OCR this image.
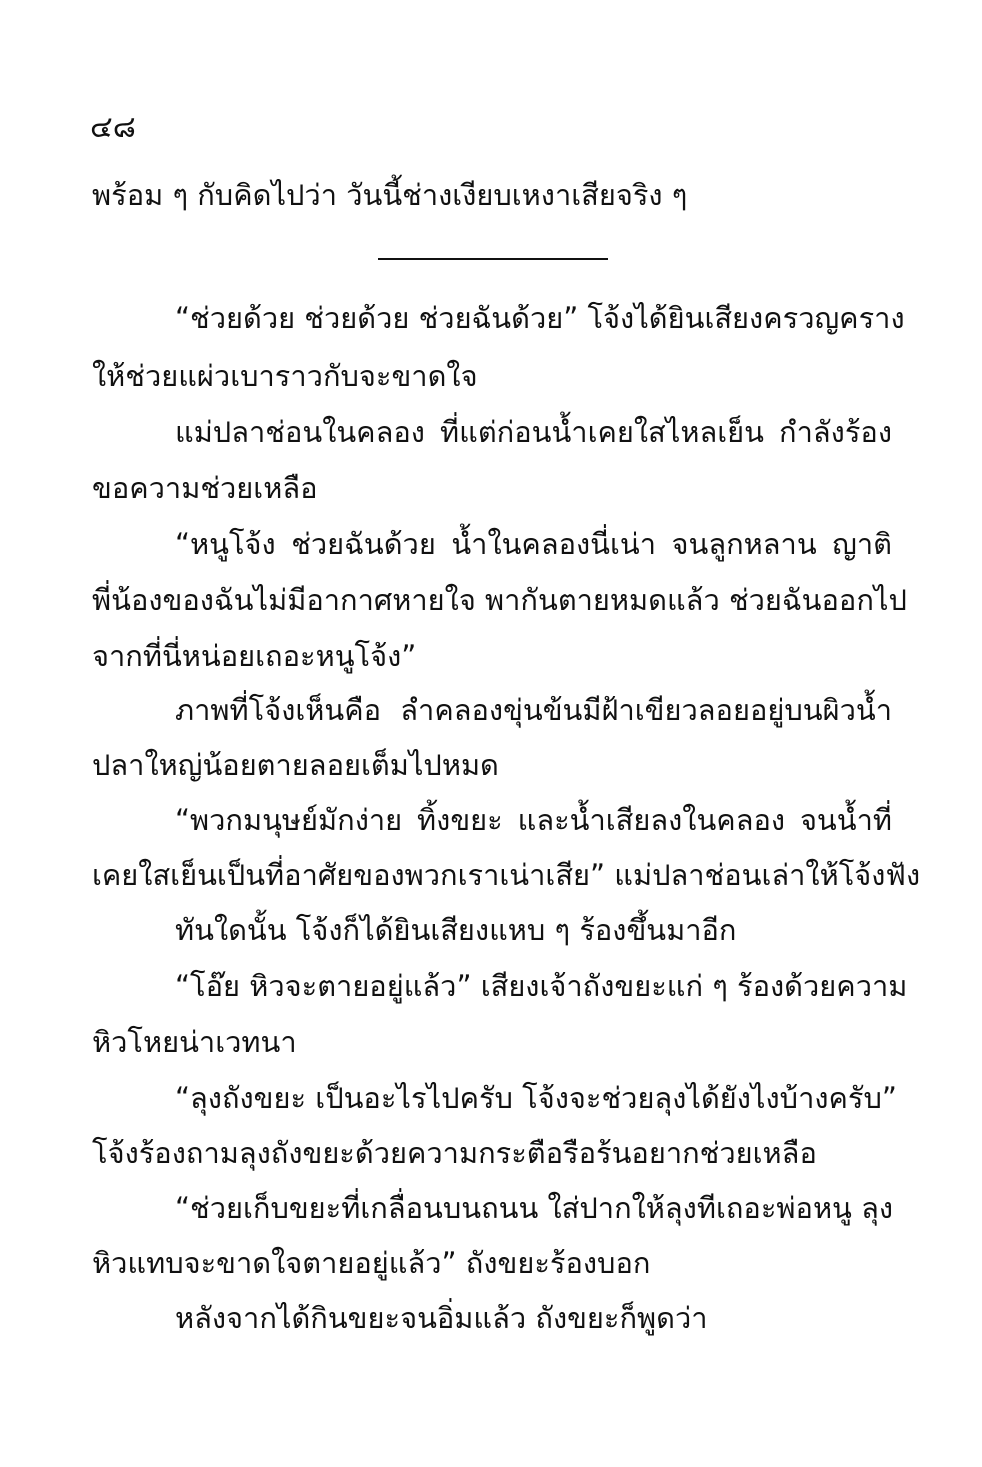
๔๘
พร้อม ๆ กับคิดไปว่า วันนี้ช่างเงียบเหงาเสียจริง ๆ
“ช่วยด้วย ช่วยด้วย ช่วยฉันด้วย” โจ้งได้ยินเสียงครวญคราง
ให้ช่วยแผ่วเบาราวกับจะขาดใจ
แม่ปลาช่อนในคลอง ที่แต่ก่อนน้ำเคยใสไหลเย็น กำลังร้อง
ขอความช่วยเหลือ
“หนูโจ้ง ช่วยฉันด้วย น้ำในคลองนี่เน่า จนลูกหลาน ญาติ
พี่น้องของฉันไม่มีอากาศหายใจ พากันตายหมดแล้ว ช่วยฉันออกไป
จากที่นี่หน่อยเถอะหนูโจ้ง”
ภาพที่โจ้งเห็นคือ ลำคลองขุ่นข้นมีฝ้าเขียวลอยอยู่บนผิวน้ำ
ปลาใหญ่น้อยตายลอยเต็มไปหมด
“พวกมนุษย์มักง่าย ทิ้งขยะ และน้ำเสียลงในคลอง จนน้ำที่
เคยใสเย็นเป็นที่อาศัยของพวกเราเน่าเสีย” แม่ปลาช่อนเล่าให้โจ้งฟัง
ทันใดนั้น โจ้งก็ได้ยินเสียงแหบ ๆ ร้องขึ้นมาอีก
“โอ๊ย หิวจะตายอยู่แล้ว” เสียงเจ้าถังขยะแก่ ๆ ร้องด้วยความ
หิวโหยน่าเวทนา
“ลุงถังขยะ เป็นอะไรไปครับ โจ้งจะช่วยลุงได้ยังไงบ้างครับ”
โจ้งร้องถามลุงถังขยะด้วยความกระตือรือร้นอยากช่วยเหลือ
“ช่วยเก็บขยะที่เกลื่อนบนถนน ใส่ปากให้ลุงทีเถอะพ่อหนู ลุง
หิวแทบจะขาดใจตายอยู่แล้ว” ถังขยะร้องบอก
หลังจากได้กินขยะจนอิ่มแล้ว ถังขยะก็พูดว่า
